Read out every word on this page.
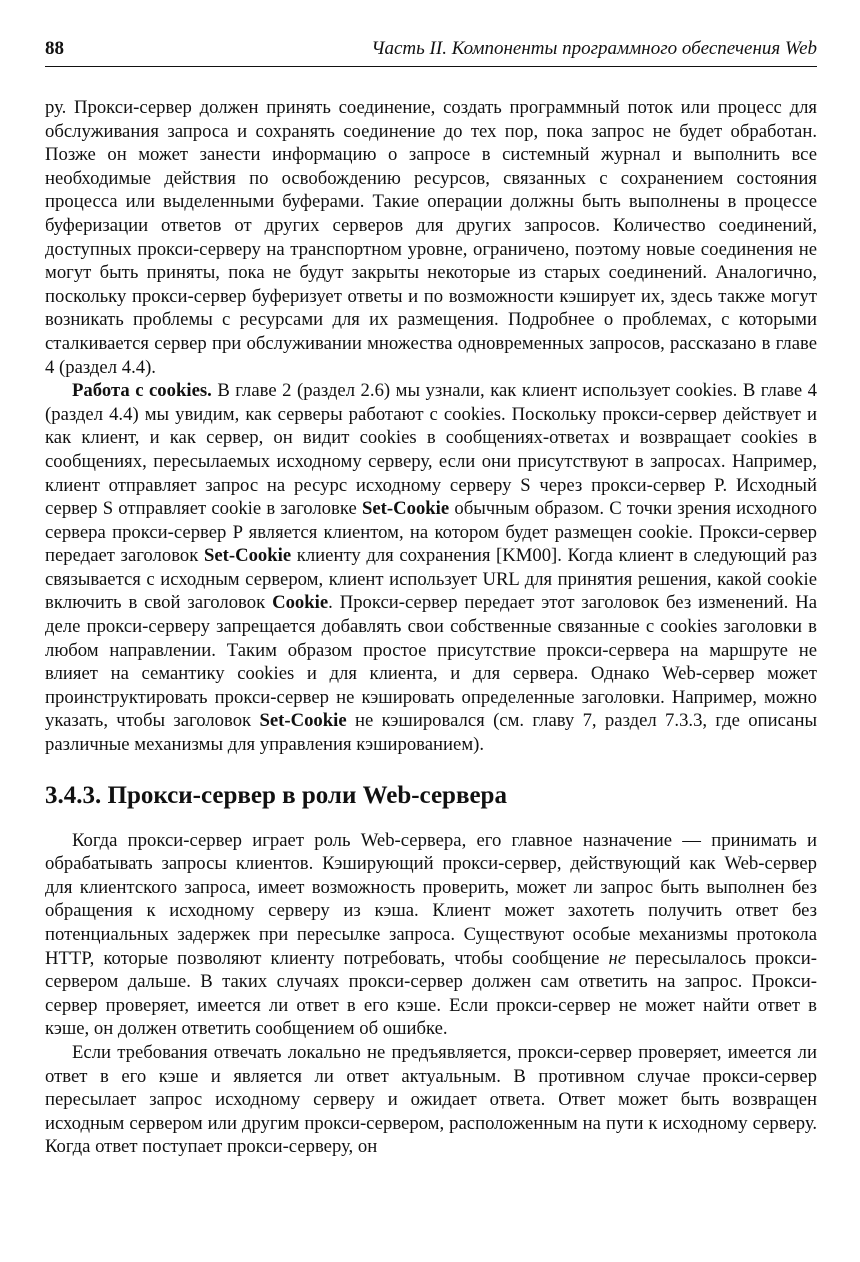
88	Часть II. Компоненты программного обеспечения Web

ру. Прокси-сервер должен принять соединение, создать программный поток или процесс для обслуживания запроса и сохранять соединение до тех пор, пока запрос не будет обработан. Позже он может занести информацию о запросе в системный журнал и выполнить все необходимые действия по освобождению ресурсов, связанных с сохранением состояния процесса или выделенными буферами. Такие операции должны быть выполнены в процессе буферизации ответов от других серверов для других запросов. Количество соединений, доступных прокси-серверу на транспортном уровне, ограничено, поэтому новые соединения не могут быть приняты, пока не будут закрыты некоторые из старых соединений. Аналогично, поскольку прокси-сервер буферизует ответы и по возможности кэширует их, здесь также могут возникать проблемы с ресурсами для их размещения. Подробнее о проблемах, с которыми сталкивается сервер при обслуживании множества одновременных запросов, рассказано в главе 4 (раздел 4.4).

Работа с cookies. В главе 2 (раздел 2.6) мы узнали, как клиент использует cookies. В главе 4 (раздел 4.4) мы увидим, как серверы работают с cookies. Поскольку прокси-сервер действует и как клиент, и как сервер, он видит cookies в сообщениях-ответах и возвращает cookies в сообщениях, пересылаемых исходному серверу, если они присутствуют в запросах. Например, клиент отправляет запрос на ресурс исходному серверу S через прокси-сервер P. Исходный сервер S отправляет cookie в заголовке Set-Cookie обычным образом. С точки зрения исходного сервера прокси-сервер P является клиентом, на котором будет размещен cookie. Прокси-сервер передает заголовок Set-Cookie клиенту для сохранения [KM00]. Когда клиент в следующий раз связывается с исходным сервером, клиент использует URL для принятия решения, какой cookie включить в свой заголовок Cookie. Прокси-сервер передает этот заголовок без изменений. На деле прокси-серверу запрещается добавлять свои собственные связанные с cookies заголовки в любом направлении. Таким образом простое присутствие прокси-сервера на маршруте не влияет на семантику cookies и для клиента, и для сервера. Однако Web-сервер может проинструктировать прокси-сервер не кэшировать определенные заголовки. Например, можно указать, чтобы заголовок Set-Cookie не кэшировался (см. главу 7, раздел 7.3.3, где описаны различные механизмы для управления кэшированием).

3.4.3. Прокси-сервер в роли Web-сервера

Когда прокси-сервер играет роль Web-сервера, его главное назначение — принимать и обрабатывать запросы клиентов. Кэширующий прокси-сервер, действующий как Web-сервер для клиентского запроса, имеет возможность проверить, может ли запрос быть выполнен без обращения к исходному серверу из кэша. Клиент может захотеть получить ответ без потенциальных задержек при пересылке запроса. Существуют особые механизмы протокола HTTP, которые позволяют клиенту потребовать, чтобы сообщение не пересылалось прокси-сервером дальше. В таких случаях прокси-сервер должен сам ответить на запрос. Прокси-сервер проверяет, имеется ли ответ в его кэше. Если прокси-сервер не может найти ответ в кэше, он должен ответить сообщением об ошибке.

Если требования отвечать локально не предъявляется, прокси-сервер проверяет, имеется ли ответ в его кэше и является ли ответ актуальным. В противном случае прокси-сервер пересылает запрос исходному серверу и ожидает ответа. Ответ может быть возвращен исходным сервером или другим прокси-сервером, расположенным на пути к исходному серверу. Когда ответ поступает прокси-серверу, он
